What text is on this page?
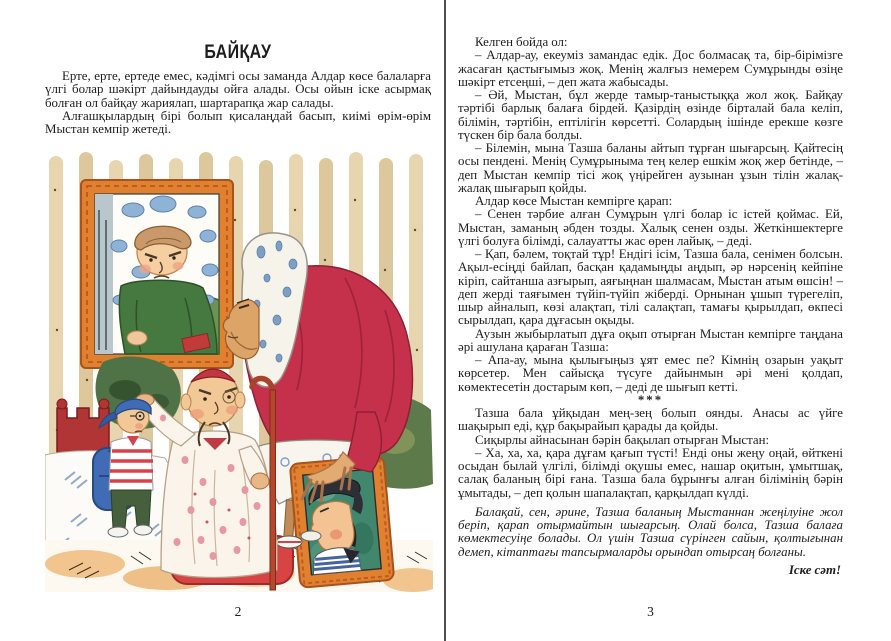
БАЙҚАУ

Ерте, ерте, ертеде емес, кәдімгі осы заманда Алдар көсе балаларға үлгі болар шәкірт дайындауды ойға алады. Осы ойын іске асырмақ болған ол байқау жариялап, шартарапқа жар салады.

Алғашқылардың бірі болып қисалаңдай басып, киімі өрім-өрім Мыстан кемпір жетеді.

Келген бойда ол:

– Алдар-ау, екеуміз замандас едік. Дос болмасақ та, бір-бірімізге жасаған қастығымыз жоқ. Менің жалғыз немерем Сумұрынды өзіңе шәкірт етсеңші, – деп жата жабысады.

– Әй, Мыстан, бұл жерде тамыр-таныстыққа жол жоқ. Байқау тәртібі барлық балаға бірдей. Қазірдің өзінде бірталай бала келіп, білімін, тәртібін, ептілігін көрсетті. Солардың ішінде ерекше көзге түскен бір бала болды.

– Білемін, мына Тазша баланы айтып тұрған шығарсың. Қайтесің осы пендені. Менің Сумұрыныма тең келер ешкім жоқ жер бетінде, – деп Мыстан кемпір тісі жоқ үңірейген аузынан ұзын тілін жалақ-жалақ шығарып қойды.

Алдар көсе Мыстан кемпірге қарап:

– Сенен тәрбие алған Сумұрын үлгі болар іс істей қоймас. Ей, Мыстан, заманың әбден тозды. Халық сенен озды. Жеткіншектерге үлгі болуға білімді, салауатты жас өрен лайық, – деді.

– Қап, бәлем, тоқтай тұр! Ендігі ісім, Тазша бала, сенімен болсын. Ақыл-есіңді байлап, басқан қадамыңды аңдып, әр нәрсенің кейпіне кіріп, сайтанша азғырып, аяғыңнан шалмасам, Мыстан атым өшсін! – деп жерді таяғымен түйіп-түйіп жіберді. Орнынан ұшып түрегеліп, шыр айналып, көзі алақтап, тілі салақтап, тамағы қырылдап, өкпесі сырылдап, қара дұғасын оқыды.

Аузын жыбырлатып дұға оқып отырған Мыстан кемпірге таңдана әрі ашулана қараған Тазша:

– Апа-ау, мына қылығыңыз ұят емес пе? Кімнің озарын уақыт көрсетер. Мен сайысқа түсуге дайынмын әрі мені қолдап, көмектесетін достарым көп, – деді де шығып кетті.

***

Тазша бала ұйқыдан мең-зең болып оянды. Анасы ас үйге шақырып еді, құр бақырайып қарады да қойды.

Сиқырлы айнасынан бәрін бақылап отырған Мыстан:

– Ха, ха, ха, қара дұғам қағып түсті! Енді оны жеңу оңай, өйткені осыдан былай үлгілі, білімді оқушы емес, нашар оқитын, ұмытшақ, салақ баланың бірі ғана. Тазша бала бұрынғы алған білімінің бәрін ұмытады, – деп қолын шапалақтап, қарқылдап күлді.

Балақай, сен, әрине, Тазша баланың Мыстаннан жеңілуіне жол беріп, қарап отырмайтын шығарсың. Олай болса, Тазша балаға көмектесуіңе болады. Ол үшін Тазша сүрінген сайын, қолтығынан демеп, кітаптағы тапсырмаларды орындап отырсаң болғаны.

Іске сәт!

2	3
